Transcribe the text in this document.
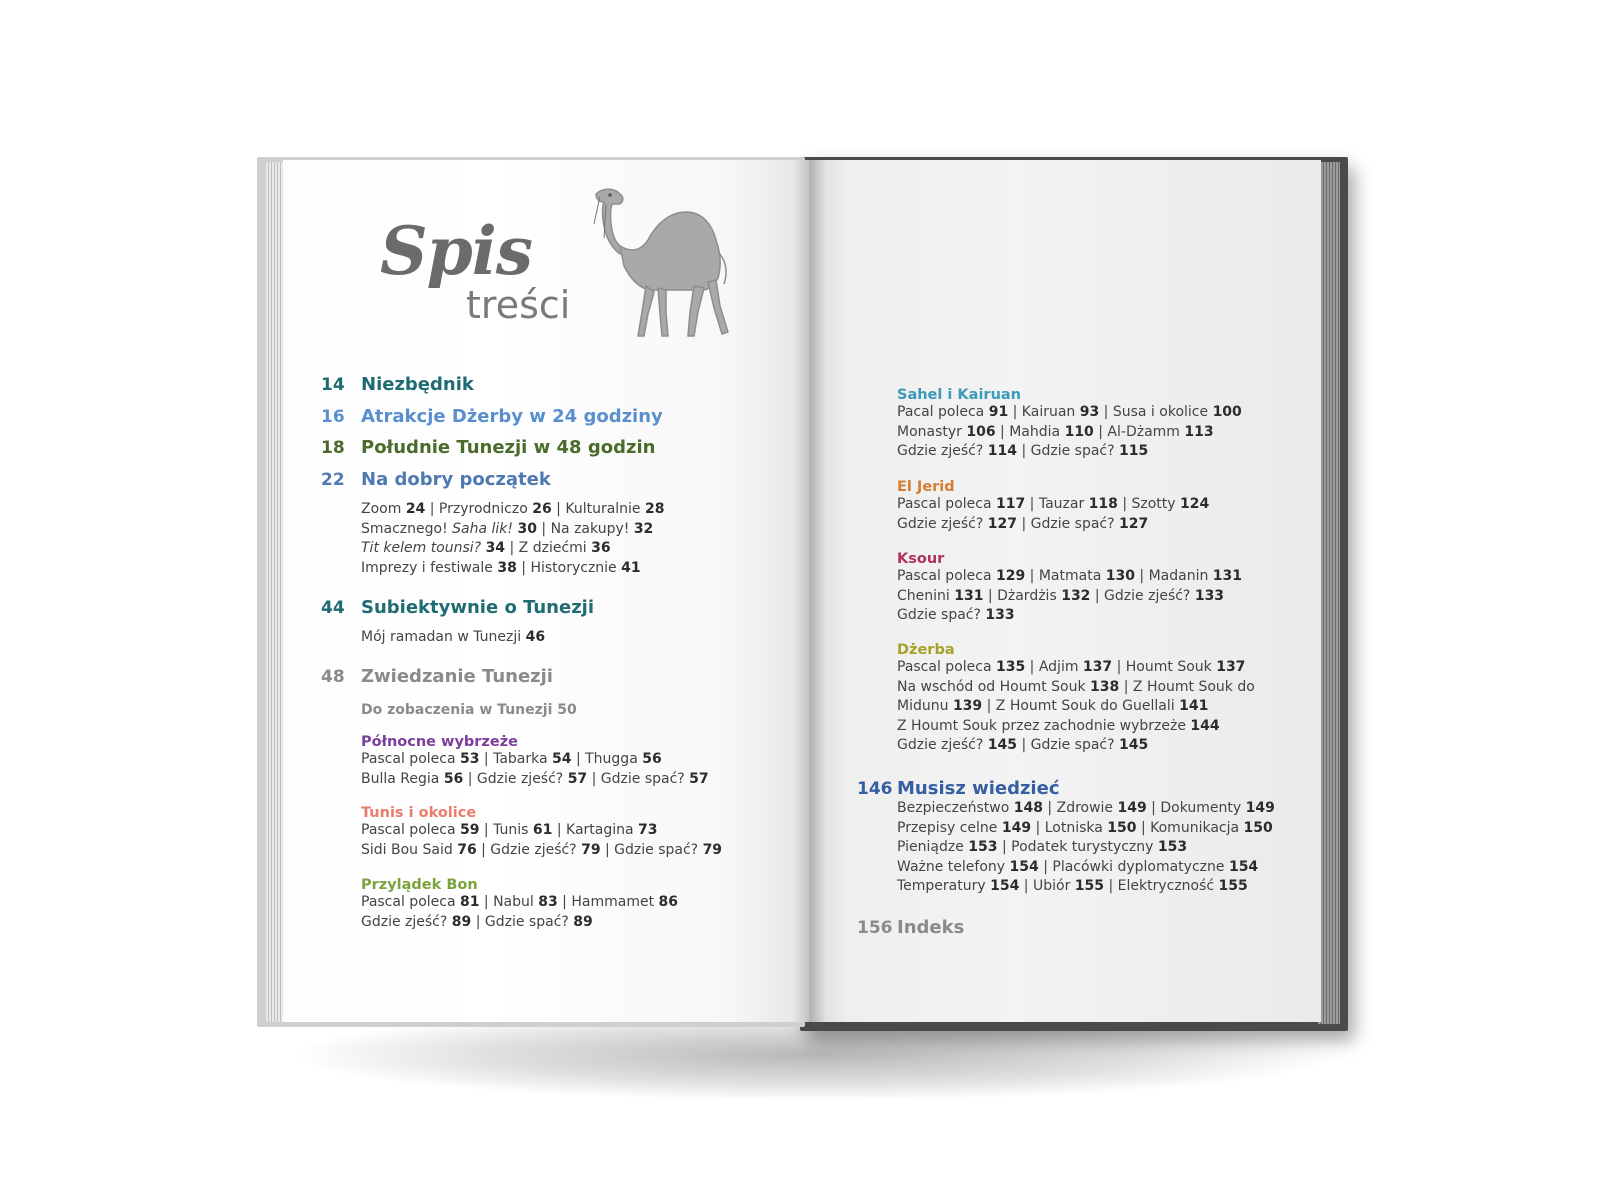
Spis
treści
14 Niezbędnik
16 Atrakcje Dżerby w 24 godziny
18 Południe Tunezji w 48 godzin
22 Na dobry początek
Zoom 24 | Przyrodniczo 26 | Kulturalnie 28
Smacznego! Saha lik! 30 | Na zakupy! 32
Tit kelem tounsi? 34 | Z dziećmi 36
Imprezy i festiwale 38 | Historycznie 41
44 Subiektywnie o Tunezji
Mój ramadan w Tunezji 46
48 Zwiedzanie Tunezji
Do zobaczenia w Tunezji 50
Północne wybrzeże
Pascal poleca 53 | Tabarka 54 | Thugga 56
Bulla Regia 56 | Gdzie zjeść? 57 | Gdzie spać? 57
Tunis i okolice
Pascal poleca 59 | Tunis 61 | Kartagina 73
Sidi Bou Said 76 | Gdzie zjeść? 79 | Gdzie spać? 79
Przylądek Bon
Pascal poleca 81 | Nabul 83 | Hammamet 86
Gdzie zjeść? 89 | Gdzie spać? 89
Sahel i Kairuan
Pacal poleca 91 | Kairuan 93 | Susa i okolice 100
Monastyr 106 | Mahdia 110 | Al-Dżamm 113
Gdzie zjeść? 114 | Gdzie spać? 115
El Jerid
Pascal poleca 117 | Tauzar 118 | Szotty 124
Gdzie zjeść? 127 | Gdzie spać? 127
Ksour
Pascal poleca 129 | Matmata 130 | Madanin 131
Chenini 131 | Dżardżis 132 | Gdzie zjeść? 133
Gdzie spać? 133
Dżerba
Pascal poleca 135 | Adjim 137 | Houmt Souk 137
Na wschód od Houmt Souk 138 | Z Houmt Souk do
Midunu 139 | Z Houmt Souk do Guellali 141
Z Houmt Souk przez zachodnie wybrzeże 144
Gdzie zjeść? 145 | Gdzie spać? 145
146 Musisz wiedzieć
Bezpieczeństwo 148 | Zdrowie 149 | Dokumenty 149
Przepisy celne 149 | Lotniska 150 | Komunikacja 150
Pieniądze 153 | Podatek turystyczny 153
Ważne telefony 154 | Placówki dyplomatyczne 154
Temperatury 154 | Ubiór 155 | Elektryczność 155
156 Indeks
